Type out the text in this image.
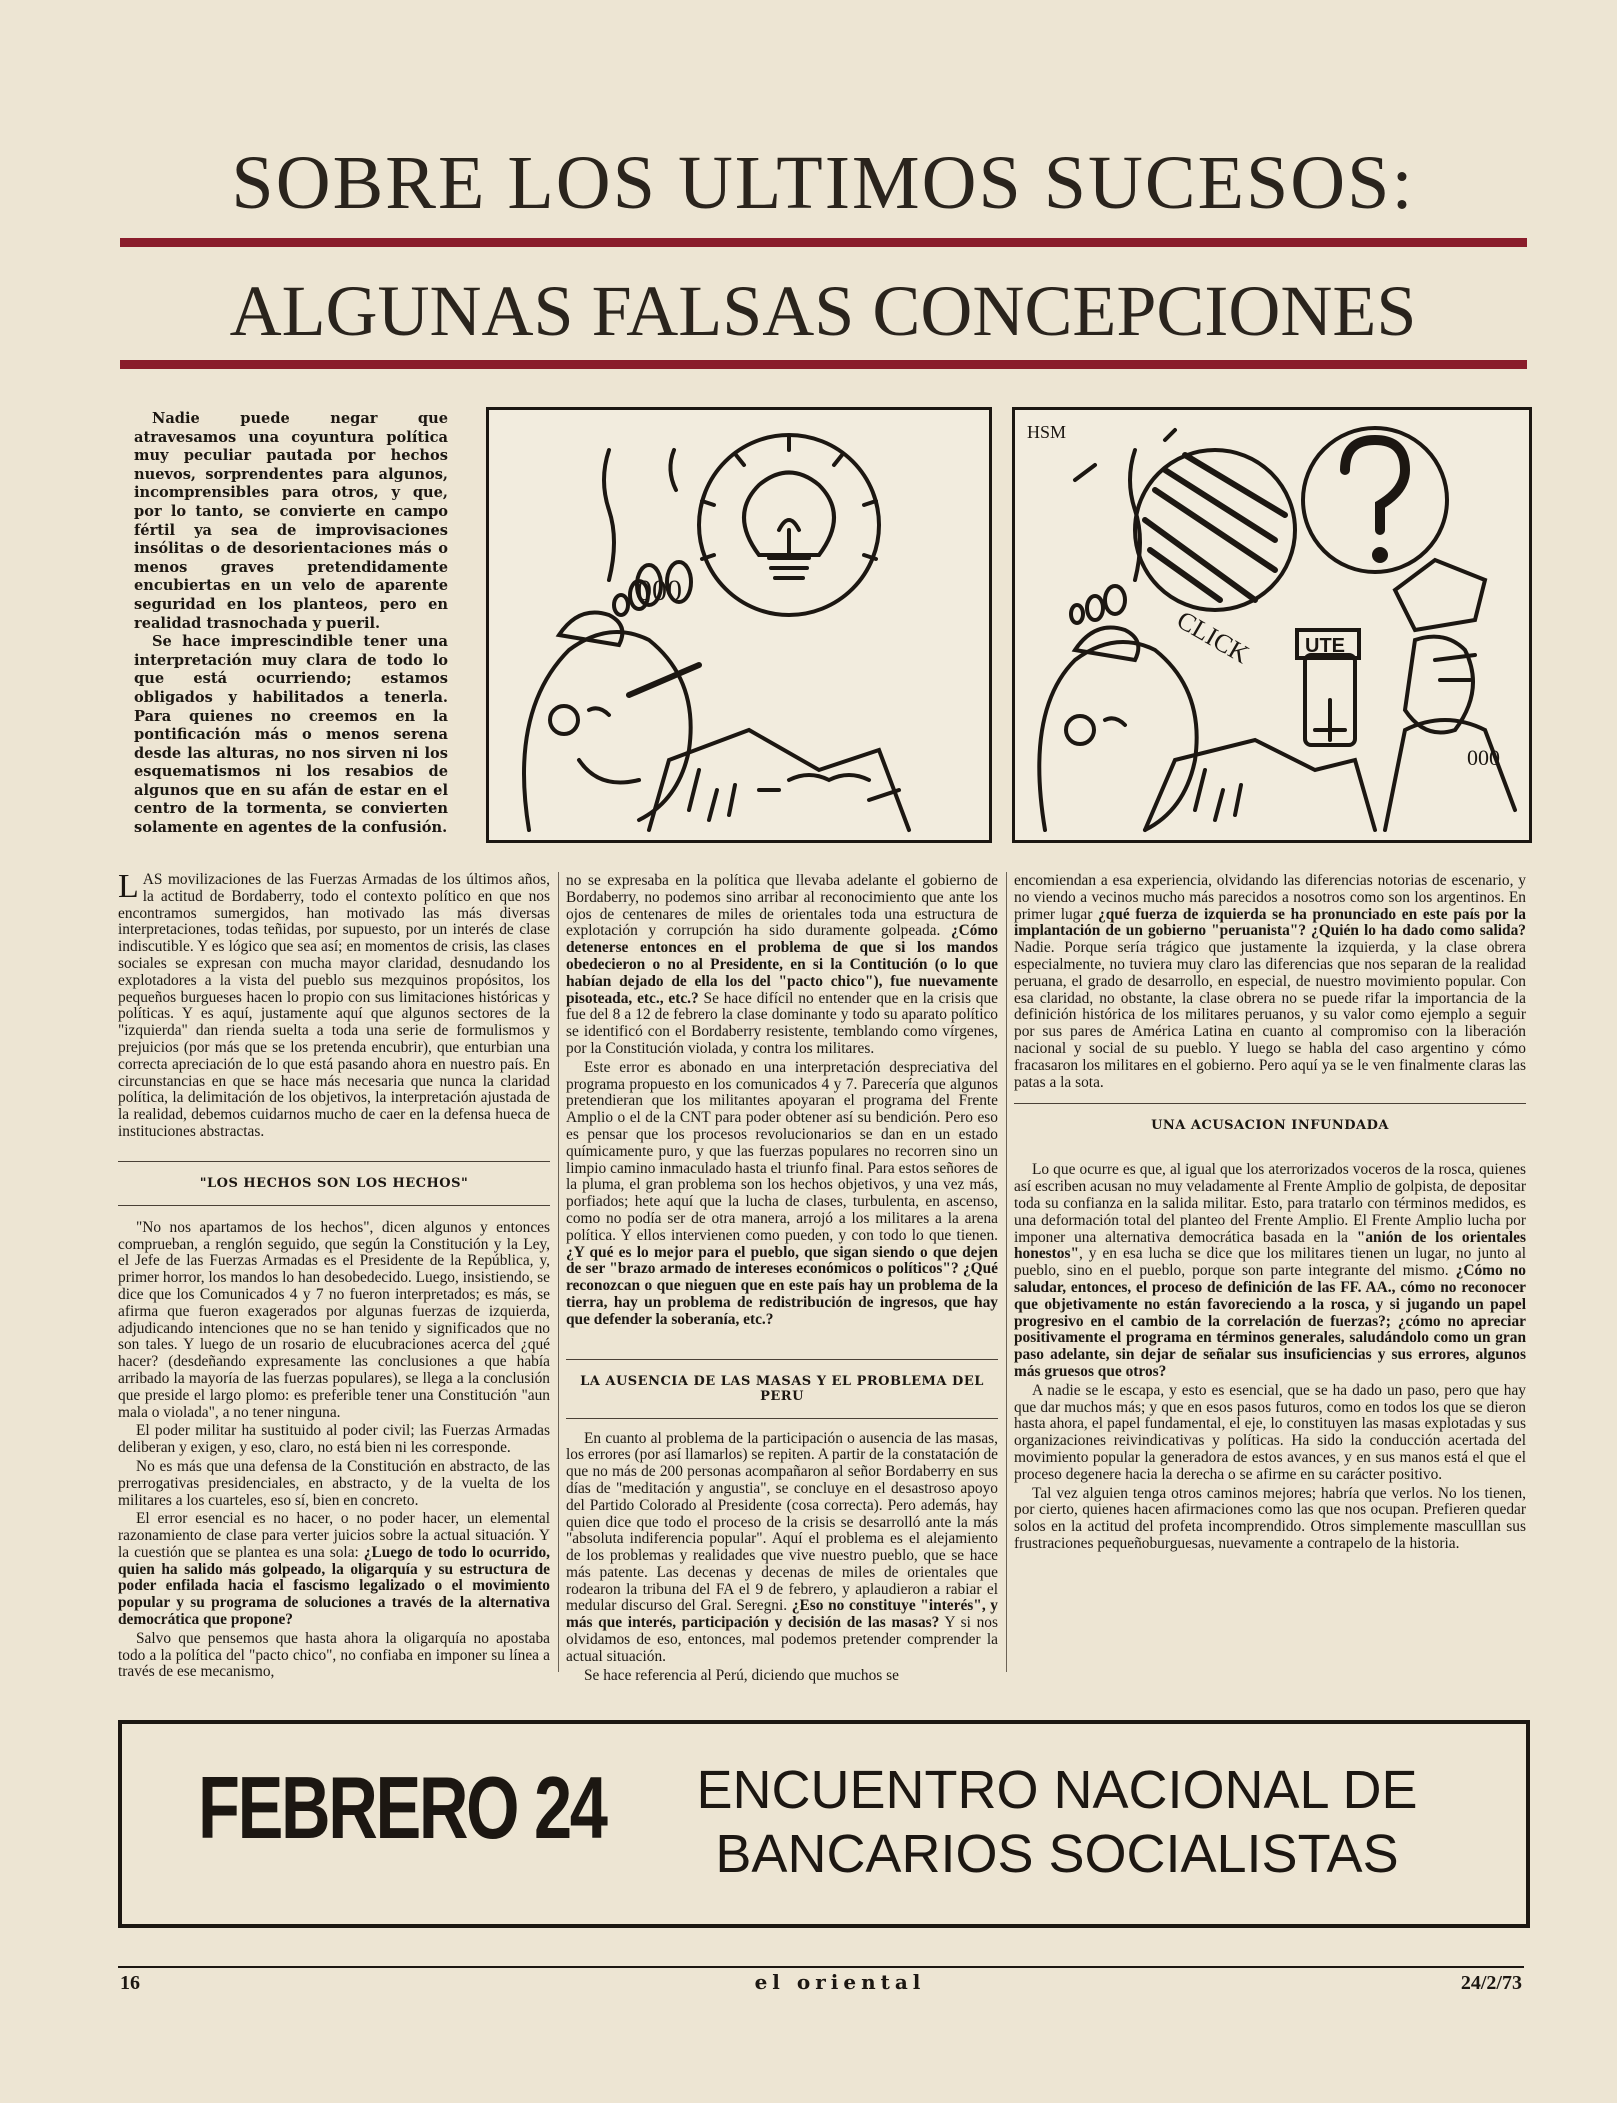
SOBRE LOS ULTIMOS SUCESOS:
ALGUNAS FALSAS CONCEPCIONES

Nadie puede negar que atravesamos una coyuntura política muy peculiar pautada por hechos nuevos, sorprendentes para algunos, incomprensibles para otros, y que, por lo tanto, se convierte en campo fértil ya sea de improvisaciones insólitas o de desorientaciones más o menos graves pretendidamente encubiertas en un velo de aparente seguridad en los planteos, pero en realidad trasnochada y pueril.

Se hace imprescindible tener una interpretación muy clara de todo lo que está ocurriendo; estamos obligados y habilitados a tenerla. Para quienes no creemos en la pontificación más o menos serena desde las alturas, no nos sirven ni los esquematismos ni los resabios de algunos que en su afán de estar en el centro de la tormenta, se convierten solamente en agentes de la confusión.

000
HSM
CLICK	UTE
000

LAS movilizaciones de las Fuerzas Armadas de los últimos años, la actitud de Bordaberry, todo el contexto político en que nos encontramos sumergidos, han motivado las más diversas interpretaciones, todas teñidas, por supuesto, por un interés de clase indiscutible. Y es lógico que sea así; en momentos de crisis, las clases sociales se expresan con mucha mayor claridad, desnudando los explotadores a la vista del pueblo sus mezquinos propósitos, los pequeños burgueses hacen lo propio con sus limitaciones históricas y políticas. Y es aquí, justamente aquí que algunos sectores de la "izquierda" dan rienda suelta a toda una serie de formulismos y prejuicios (por más que se los pretenda encubrir), que enturbian una correcta apreciación de lo que está pasando ahora en nuestro país. En circunstancias en que se hace más necesaria que nunca la claridad política, la delimitación de los objetivos, la interpretación ajustada de la realidad, debemos cuidarnos mucho de caer en la defensa hueca de instituciones abstractas.

"LOS HECHOS SON LOS HECHOS"

"No nos apartamos de los hechos", dicen algunos y entonces comprueban, a renglón seguido, que según la Constitución y la Ley, el Jefe de las Fuerzas Armadas es el Presidente de la República, y, primer horror, los mandos lo han desobedecido. Luego, insistiendo, se dice que los Comunicados 4 y 7 no fueron interpretados; es más, se afirma que fueron exagerados por algunas fuerzas de izquierda, adjudicando intenciones que no se han tenido y significados que no son tales. Y luego de un rosario de elucubraciones acerca del ¿qué hacer? (desdeñando expresamente las conclusiones a que había arribado la mayoría de las fuerzas populares), se llega a la conclusión que preside el largo plomo: es preferible tener una Constitución "aun mala o violada", a no tener ninguna.

El poder militar ha sustituido al poder civil; las Fuerzas Armadas deliberan y exigen, y eso, claro, no está bien ni les corresponde.

No es más que una defensa de la Constitución en abstracto, de las prerrogativas presidenciales, en abstracto, y de la vuelta de los militares a los cuarteles, eso sí, bien en concreto.

El error esencial es no hacer, o no poder hacer, un elemental razonamiento de clase para verter juicios sobre la actual situación. Y la cuestión que se plantea es una sola: ¿Luego de todo lo ocurrido, quien ha salido más golpeado, la oligarquía y su estructura de poder enfilada hacia el fascismo legalizado o el movimiento popular y su programa de soluciones a través de la alternativa democrática que propone?

Salvo que pensemos que hasta ahora la oligarquía no apostaba todo a la política del "pacto chico", no confiaba en imponer su línea a través de ese mecanismo,

no se expresaba en la política que llevaba adelante el gobierno de Bordaberry, no podemos sino arribar al reconocimiento que ante los ojos de centenares de miles de orientales toda una estructura de explotación y corrupción ha sido duramente golpeada. ¿Cómo detenerse entonces en el problema de que si los mandos obedecieron o no al Presidente, en si la Contitución (o lo que habían dejado de ella los del "pacto chico"), fue nuevamente pisoteada, etc., etc.? Se hace difícil no entender que en la crisis que fue del 8 a 12 de febrero la clase dominante y todo su aparato político se identificó con el Bordaberry resistente, temblando como vírgenes, por la Constitución violada, y contra los militares.

Este error es abonado en una interpretación despreciativa del programa propuesto en los comunicados 4 y 7. Parecería que algunos pretendieran que los militantes apoyaran el programa del Frente Amplio o el de la CNT para poder obtener así su bendición. Pero eso es pensar que los procesos revolucionarios se dan en un estado químicamente puro, y que las fuerzas populares no recorren sino un limpio camino inmaculado hasta el triunfo final. Para estos señores de la pluma, el gran problema son los hechos objetivos, y una vez más, porfiados; hete aquí que la lucha de clases, turbulenta, en ascenso, como no podía ser de otra manera, arrojó a los militares a la arena política. Y ellos intervienen como pueden, y con todo lo que tienen. ¿Y qué es lo mejor para el pueblo, que sigan siendo o que dejen de ser "brazo armado de intereses económicos o políticos"? ¿Qué reconozcan o que nieguen que en este país hay un problema de la tierra, hay un problema de redistribución de ingresos, que hay que defender la soberanía, etc.?

LA AUSENCIA DE LAS MASAS Y EL PROBLEMA DEL PERU

En cuanto al problema de la participación o ausencia de las masas, los errores (por así llamarlos) se repiten. A partir de la constatación de que no más de 200 personas acompañaron al señor Bordaberry en sus días de "meditación y angustia", se concluye en el desastroso apoyo del Partido Colorado al Presidente (cosa correcta). Pero además, hay quien dice que todo el proceso de la crisis se desarrolló ante la más "absoluta indiferencia popular". Aquí el problema es el alejamiento de los problemas y realidades que vive nuestro pueblo, que se hace más patente. Las decenas y decenas de miles de orientales que rodearon la tribuna del FA el 9 de febrero, y aplaudieron a rabiar el medular discurso del Gral. Seregni. ¿Eso no constituye "interés", y más que interés, participación y decisión de las masas? Y si nos olvidamos de eso, entonces, mal podemos pretender comprender la actual situación.

Se hace referencia al Perú, diciendo que muchos se

encomiendan a esa experiencia, olvidando las diferencias notorias de escenario, y no viendo a vecinos mucho más parecidos a nosotros como son los argentinos. En primer lugar ¿qué fuerza de izquierda se ha pronunciado en este país por la implantación de un gobierno "peruanista"? ¿Quién lo ha dado como salida? Nadie. Porque sería trágico que justamente la izquierda, y la clase obrera especialmente, no tuviera muy claro las diferencias que nos separan de la realidad peruana, el grado de desarrollo, en especial, de nuestro movimiento popular. Con esa claridad, no obstante, la clase obrera no se puede rifar la importancia de la definición histórica de los militares peruanos, y su valor como ejemplo a seguir por sus pares de América Latina en cuanto al compromiso con la liberación nacional y social de su pueblo. Y luego se habla del caso argentino y cómo fracasaron los militares en el gobierno. Pero aquí ya se le ven finalmente claras las patas a la sota.

UNA ACUSACION INFUNDADA

Lo que ocurre es que, al igual que los aterrorizados voceros de la rosca, quienes así escriben acusan no muy veladamente al Frente Amplio de golpista, de depositar toda su confianza en la salida militar. Esto, para tratarlo con términos medidos, es una deformación total del planteo del Frente Amplio. El Frente Amplio lucha por imponer una alternativa democrática basada en la "anión de los orientales honestos", y en esa lucha se dice que los militares tienen un lugar, no junto al pueblo, sino en el pueblo, porque son parte integrante del mismo. ¿Cómo no saludar, entonces, el proceso de definición de las FF. AA., cómo no reconocer que objetivamente no están favoreciendo a la rosca, y si jugando un papel progresivo en el cambio de la correlación de fuerzas?; ¿cómo no apreciar positivamente el programa en términos generales, saludándolo como un gran paso adelante, sin dejar de señalar sus insuficiencias y sus errores, algunos más gruesos que otros?

A nadie se le escapa, y esto es esencial, que se ha dado un paso, pero que hay que dar muchos más; y que en esos pasos futuros, como en todos los que se dieron hasta ahora, el papel fundamental, el eje, lo constituyen las masas explotadas y sus organizaciones reivindicativas y políticas. Ha sido la conducción acertada del movimiento popular la generadora de estos avances, y en sus manos está el que el proceso degenere hacia la derecha o se afirme en su carácter positivo.

Tal vez alguien tenga otros caminos mejores; habría que verlos. No los tienen, por cierto, quienes hacen afirmaciones como las que nos ocupan. Prefieren quedar solos en la actitud del profeta incomprendido. Otros simplemente masculllan sus frustraciones pequeñoburguesas, nuevamente a contrapelo de la historia.

FEBRERO 24	ENCUENTRO NACIONAL DE
BANCARIOS SOCIALISTAS
16	el oriental	24/2/73
